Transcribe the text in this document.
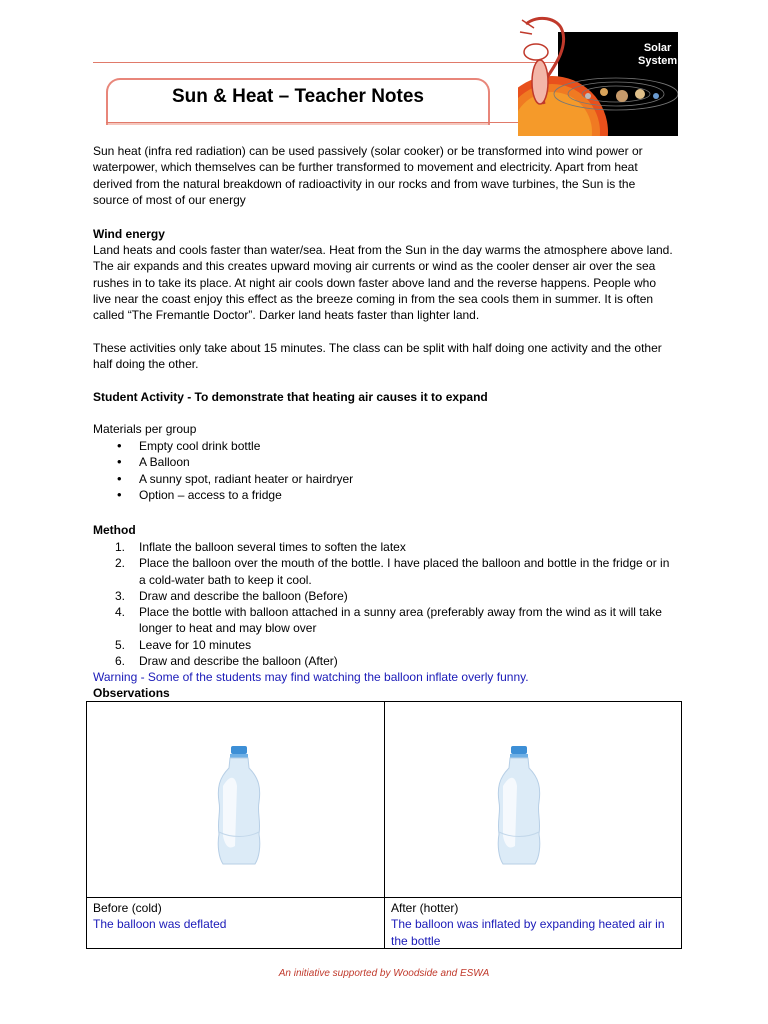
Sun & Heat – Teacher Notes
Solar
System
Sun heat (infra red radiation) can be used passively (solar cooker) or be transformed into wind power or waterpower, which themselves can be further transformed to movement and electricity. Apart from heat derived from the natural breakdown of radioactivity in our rocks and from wave turbines, the Sun is the source of most of our energy
Wind energy
Land heats and cools faster than water/sea. Heat from the Sun in the day warms the atmosphere above land. The air expands and this creates upward moving air currents or wind as the cooler denser air over the sea rushes in to take its place. At night air cools down faster above land and the reverse happens. People who live near the coast enjoy this effect as the breeze coming in from the sea cools them in summer. It is often called “The Fremantle Doctor”. Darker land heats faster than lighter land.
These activities only take about 15 minutes. The class can be split with half doing one activity and the other half doing the other.
Student Activity - To demonstrate that heating air causes it to expand
Materials per group
• Empty cool drink bottle
• A Balloon
• A sunny spot, radiant heater or hairdryer
• Option – access to a fridge
Method
1. Inflate the balloon several times to soften the latex
2. Place the balloon over the mouth of the bottle. I have placed the balloon and bottle in the fridge or in a cold-water bath to keep it cool.
3. Draw and describe the balloon (Before)
4. Place the bottle with balloon attached in a sunny area (preferably away from the wind as it will take longer to heat and may blow over
5. Leave for 10 minutes
6. Draw and describe the balloon (After)
Warning - Some of the students may find watching the balloon inflate overly funny.
Observations
Before (cold)
The balloon was deflated
After (hotter)
The balloon was inflated by expanding heated air in the bottle
An initiative supported by Woodside and ESWA
